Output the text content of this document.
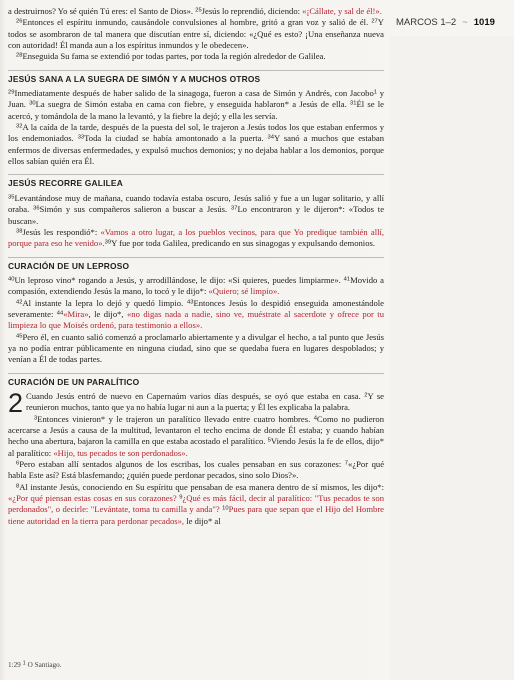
MARCOS 1–2 ~ 1019

a destruirnos? Yo sé quién Tú eres: el Santo de Dios». $^{25}$Jesús lo reprendió, diciendo: «¡Cállate, y sal de él!».

$^{26}$Entonces el espíritu inmundo, causándole convulsiones al hombre, gritó a gran voz y salió de él. $^{27}$Y todos se asombraron de tal manera que discutían entre sí, diciendo: «¿Qué es esto? ¡Una enseñanza nueva con autoridad! Él manda aun a los espíritus inmundos y le obedecen».

$^{28}$Enseguida Su fama se extendió por todas partes, por toda la región alrededor de Galilea.

JESÚS SANA A LA SUEGRA DE SIMÓN Y A MUCHOS OTROS

$^{29}$Inmediatamente después de haber salido de la sinagoga, fueron a casa de Simón y Andrés, con Jacobo$^1$ y Juan. $^{30}$La suegra de Simón estaba en cama con fiebre, y enseguida hablaron* a Jesús de ella. $^{31}$Él se le acercó, y tomándola de la mano la levantó, y la fiebre la dejó; y ella les servía.

$^{32}$A la caída de la tarde, después de la puesta del sol, le trajeron a Jesús todos los que estaban enfermos y los endemoniados. $^{33}$Toda la ciudad se había amontonado a la puerta. $^{34}$Y sanó a muchos que estaban enfermos de diversas enfermedades, y expulsó muchos demonios; y no dejaba hablar a los demonios, porque ellos sabían quién era Él.

JESÚS RECORRE GALILEA

$^{35}$Levantándose muy de mañana, cuando todavía estaba oscuro, Jesús salió y fue a un lugar solitario, y allí oraba. $^{36}$Simón y sus compañeros salieron a buscar a Jesús. $^{37}$Lo encontraron y le dijeron*: «Todos te buscan».

$^{38}$Jesús les respondió*: «Vamos a otro lugar, a los pueblos vecinos, para que Yo predique también allí, porque para eso he venido».$^{39}$Y fue por toda Galilea, predicando en sus sinagogas y expulsando demonios.

CURACIÓN DE UN LEPROSO

$^{40}$Un leproso vino* rogando a Jesús, y arrodillándose, le dijo: «Si quieres, puedes limpiarme». $^{41}$Movido a compasión, extendiendo Jesús la mano, lo tocó y le dijo*: «Quiero; sé limpio».

$^{42}$Al instante la lepra lo dejó y quedó limpio. $^{43}$Entonces Jesús lo despidió enseguida amonestándole severamente: $^{44}$«Mira», le dijo*, «no digas nada a nadie, sino ve, muéstrate al sacerdote y ofrece por tu limpieza lo que Moisés ordenó, para testimonio a ellos».

$^{45}$Pero él, en cuanto salió comenzó a proclamarlo abiertamente y a divulgar el hecho, a tal punto que Jesús ya no podía entrar públicamente en ninguna ciudad, sino que se quedaba fuera en lugares despoblados; y venían a Él de todas partes.

CURACIÓN DE UN PARALÍTICO

2 Cuando Jesús entró de nuevo en Capernaúm varios días después, se oyó que estaba en casa. $^2$Y se reunieron muchos, tanto que ya no había lugar ni aun a la puerta; y Él les explicaba la palabra.

$^3$Entonces vinieron* y le trajeron un paralítico llevado entre cuatro hombres. $^4$Como no pudieron acercarse a Jesús a causa de la multitud, levantaron el techo encima de donde Él estaba; y cuando habían hecho una abertura, bajaron la camilla en que estaba acostado el paralítico. $^5$Viendo Jesús la fe de ellos, dijo* al paralítico: «Hijo, tus pecados te son perdonados».

$^6$Pero estaban allí sentados algunos de los escribas, los cuales pensaban en sus corazones: $^7$«¿Por qué habla Este así? Está blasfemando; ¿quién puede perdonar pecados, sino solo Dios?».

$^8$Al instante Jesús, conociendo en Su espíritu que pensaban de esa manera dentro de sí mismos, les dijo*: «¿Por qué piensan estas cosas en sus corazones? $^9$¿Qué es más fácil, decir al paralítico: "Tus pecados te son perdonados", o decirle: "Levántate, toma tu camilla y anda"? $^{10}$Pues para que sepan que el Hijo del Hombre tiene autoridad en la tierra para perdonar pecados», le dijo* al

1:29 $^1$ O Santiago.
